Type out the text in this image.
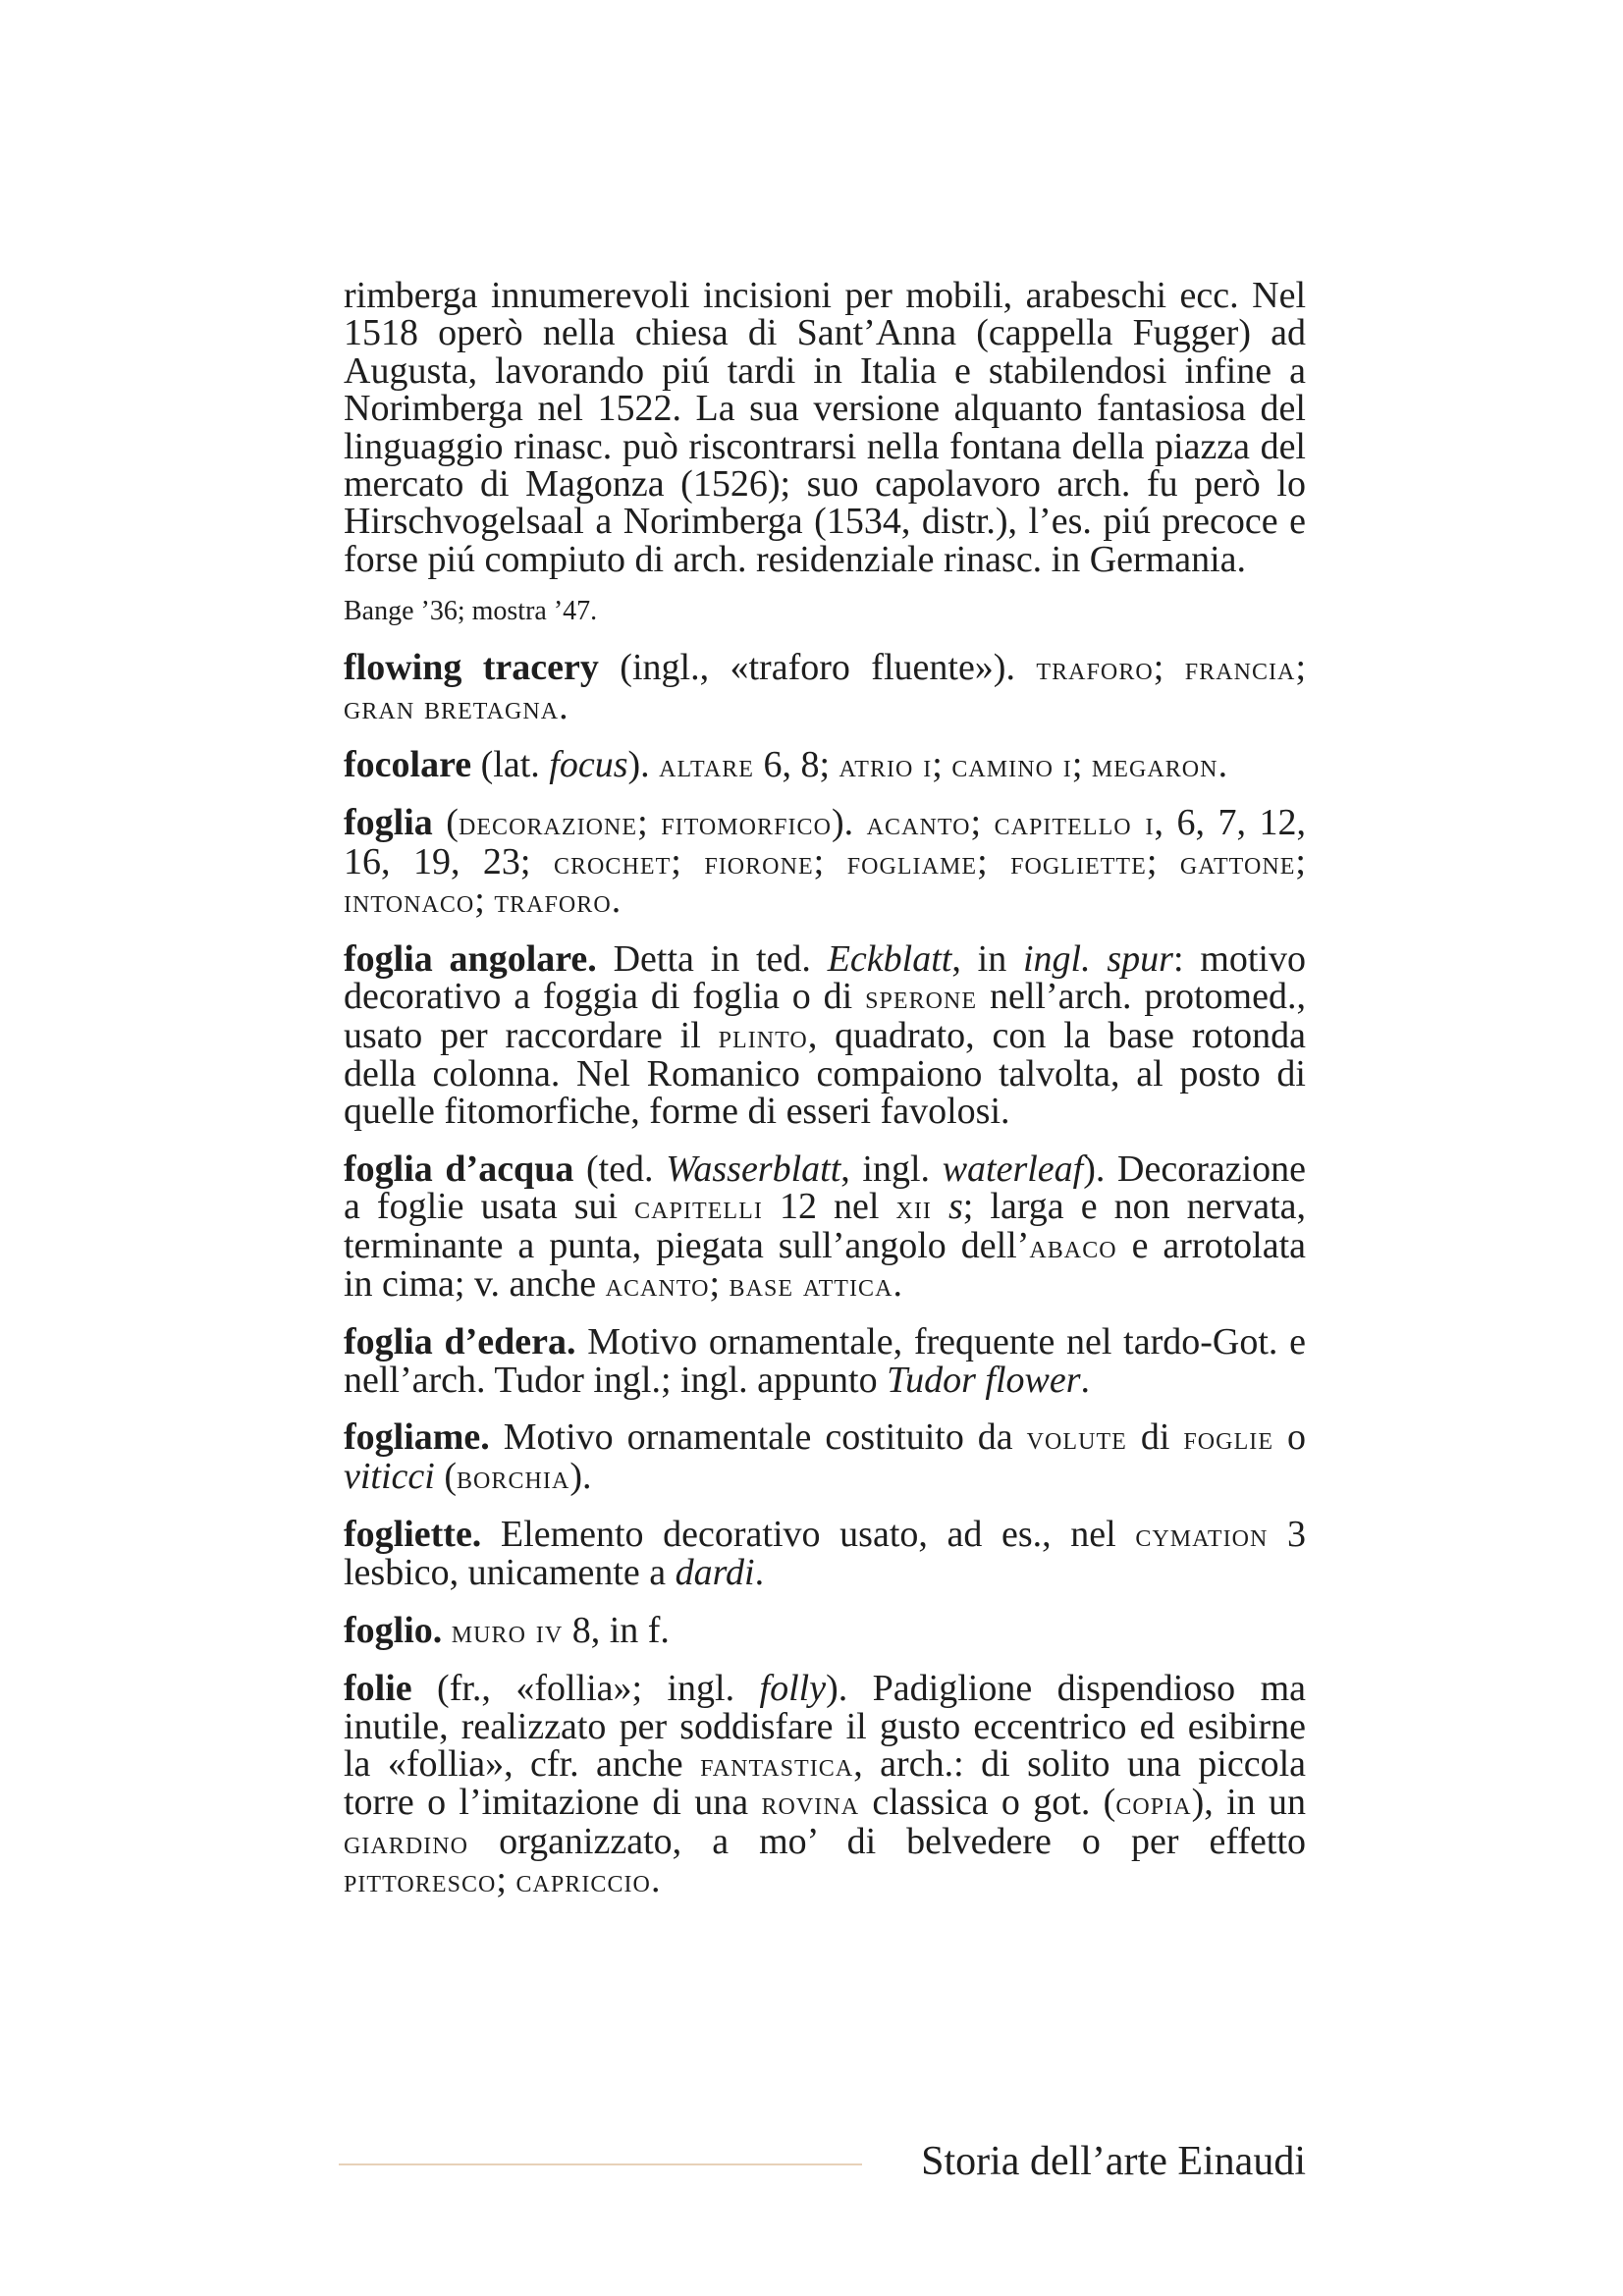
rimberga innumerevoli incisioni per mobili, arabeschi ecc. Nel 1518 operò nella chiesa di Sant’Anna (cappella Fugger) ad Augusta, lavorando piú tardi in Italia e stabilendosi infine a Norimberga nel 1522. La sua versione alquanto fantasiosa del linguaggio rinasc. può riscontrarsi nella fontana della piazza del mercato di Magonza (1526); suo capolavoro arch. fu però lo Hirschvogelsaal a Norimberga (1534, distr.), l’es. piú precoce e forse piú compiuto di arch. residenziale rinasc. in Germania.

Bange ’36; mostra ’47.

flowing tracery (ingl., «traforo fluente»). traforo; francia; gran bretagna.

focolare (lat. focus). altare 6, 8; atrio i; camino i; megaron.

foglia (decorazione; fitomorfico). acanto; capitello i, 6, 7, 12, 16, 19, 23; crochet; fiorone; fogliame; fogliette; gattone; intonaco; traforo.

foglia angolare. Detta in ted. Eckblatt, in ingl. spur: motivo decorativo a foggia di foglia o di sperone nell’arch. protomed., usato per raccordare il plinto, quadrato, con la base rotonda della colonna. Nel Romanico compaiono talvolta, al posto di quelle fitomorfiche, forme di esseri favolosi.

foglia d’acqua (ted. Wasserblatt, ingl. waterleaf). Decorazione a foglie usata sui capitelli 12 nel xii s; larga e non nervata, terminante a punta, piegata sull’angolo dell’abaco e arrotolata in cima; v. anche acanto; base attica.

foglia d’edera. Motivo ornamentale, frequente nel tardo-Got. e nell’arch. Tudor ingl.; ingl. appunto Tudor flower.

fogliame. Motivo ornamentale costituito da volute di foglie o viticci (borchia).

fogliette. Elemento decorativo usato, ad es., nel cymation 3 lesbico, unicamente a dardi.

foglio. muro iv 8, in f.

folie (fr., «follia»; ingl. folly). Padiglione dispendioso ma inutile, realizzato per soddisfare il gusto eccentrico ed esibirne la «follia», cfr. anche fantastica, arch.: di solito una piccola torre o l’imitazione di una rovina classica o got. (copia), in un giardino organizzato, a mo’ di belvedere o per effetto pittoresco; capriccio.

Storia dell’arte Einaudi
